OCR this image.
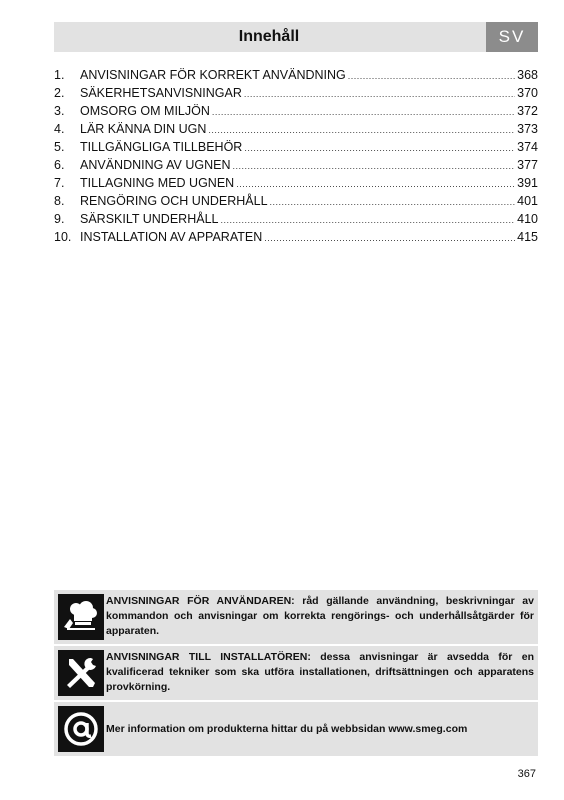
Innehåll	SV
1.	ANVISNINGAR FÖR KORREKT ANVÄNDNING .....	368
2.	SÄKERHETSANVISNINGAR .....	370
3.	OMSORG OM MILJÖN .....	372
4.	LÄR KÄNNA DIN UGN .....	373
5.	TILLGÄNGLIGA TILLBEHÖR .....	374
6.	ANVÄNDNING AV UGNEN .....	377
7.	TILLAGNING MED UGNEN .....	391
8.	RENGÖRING OCH UNDERHÅLL .....	401
9.	SÄRSKILT UNDERHÅLL .....	410
10. INSTALLATION AV APPARATEN .....	415
ANVISNINGAR FÖR ANVÄNDAREN: råd gällande användning, beskrivningar av kommandon och anvisningar om korrekta rengörings- och underhållsåtgärder för apparaten.
ANVISNINGAR TILL INSTALLATÖREN: dessa anvisningar är avsedda för en kvalificerad tekniker som ska utföra installationen, driftsättningen och apparatens provkörning.
Mer information om produkterna hittar du på webbsidan www.smeg.com
367
